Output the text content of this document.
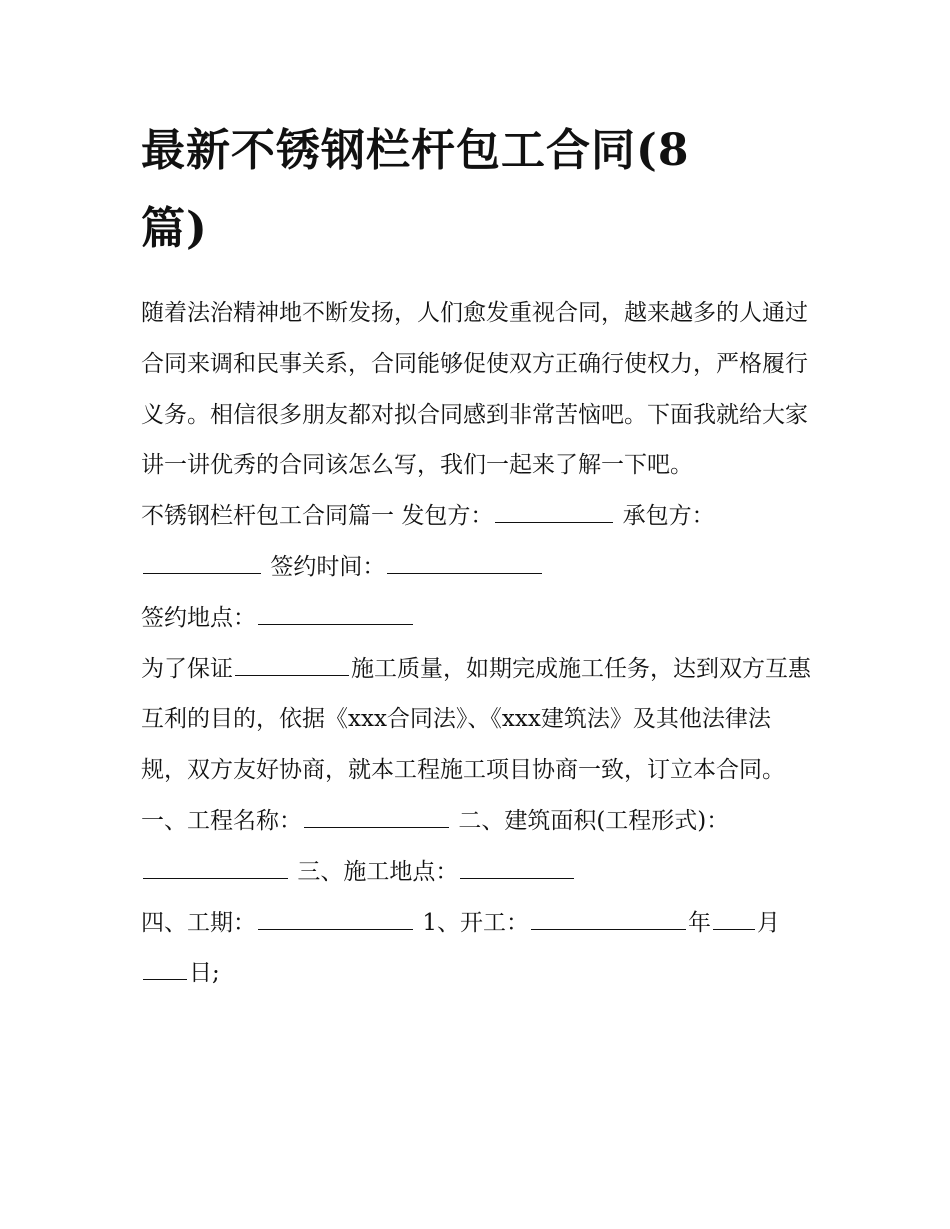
最新不锈钢栏杆包工合同(8篇)

随着法治精神地不断发扬，人们愈发重视合同，越来越多的人通过合同来调和民事关系，合同能够促使双方正确行使权力，严格履行义务。相信很多朋友都对拟合同感到非常苦恼吧。下面我就给大家讲一讲优秀的合同该怎么写，我们一起来了解一下吧。

不锈钢栏杆包工合同篇一 发包方：	承包方：  签约时间：

签约地点：

为了保证	施工质量，如期完成施工任务，达到双方互惠互利的目的，依据《xxx合同法》、《xxx建筑法》及其他法律法规，双方友好协商，就本工程施工项目协商一致，订立本合同。

一、工程名称：	二、建筑面积(工程形式)：  三、施工地点：

四、工期：	1、开工：	年 月 日;
